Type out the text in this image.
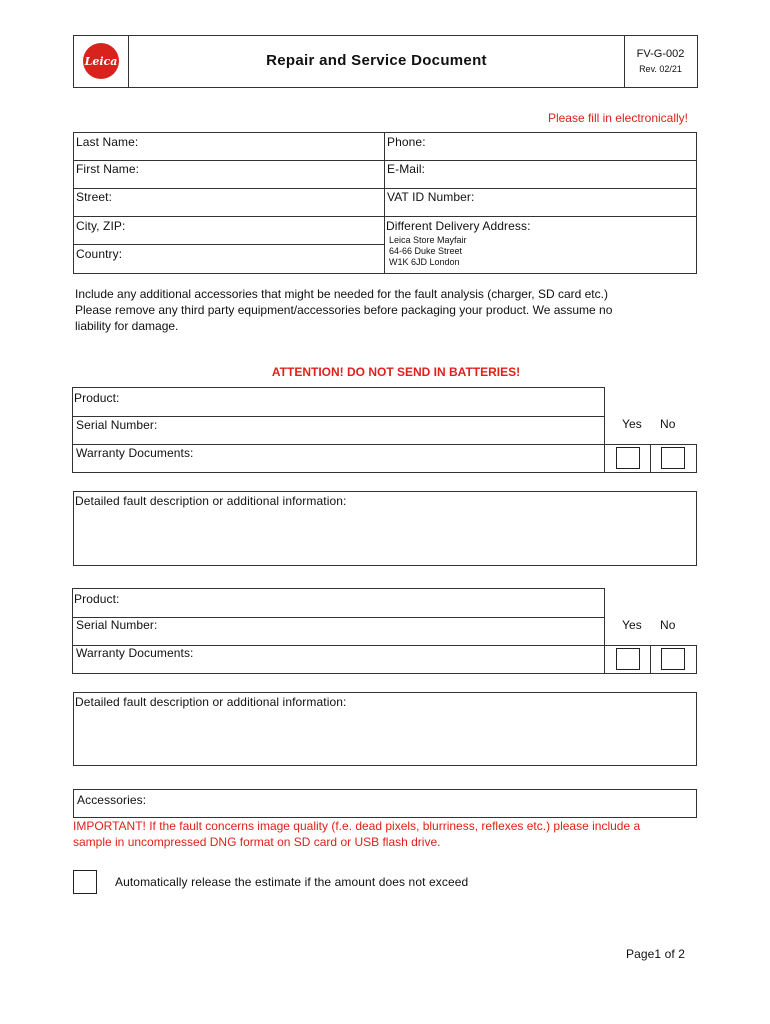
Leica	Repair and Service Document	FV-G-002
Rev. 02/21
Please fill in electronically!
Last Name:
First Name:
Street:
City, ZIP:
Country:
Phone:
E-Mail:
VAT ID Number:
Different Delivery Address:
Leica Store Mayfair
64-66 Duke Street
W1K 6JD London
Include any additional accessories that might be needed for the fault analysis (charger, SD card etc.)
Please remove any third party equipment/accessories before packaging your product. We assume no
liability for damage.
ATTENTION! DO NOT SEND IN BATTERIES!
Product:
Serial Number:
Warranty Documents:
Yes No
Detailed fault description or additional information:
Product:
Serial Number:
Warranty Documents:
Yes No
Detailed fault description or additional information:
Accessories:
IMPORTANT! If the fault concerns image quality (f.e. dead pixels, blurriness, reflexes etc.) please include a
sample in uncompressed DNG format on SD card or USB flash drive.
Automatically release the estimate if the amount does not exceed
Page1 of 2
